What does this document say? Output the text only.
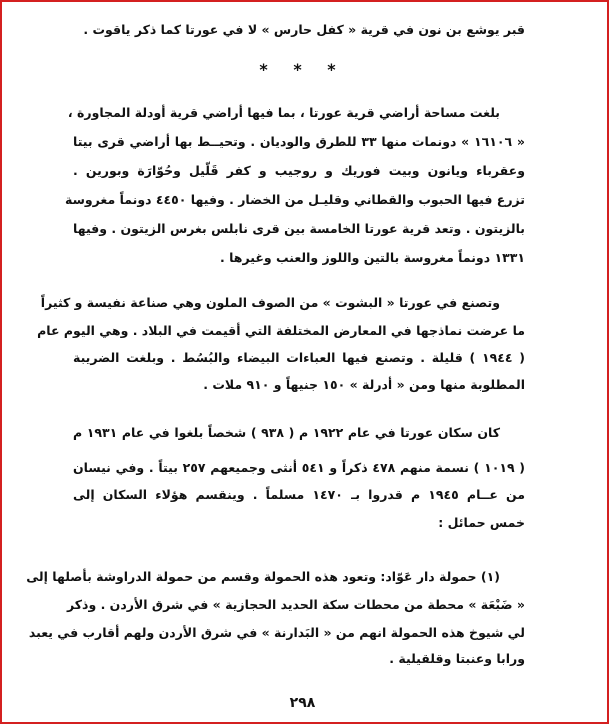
قبر يوشع بن نون في قرية « كفل حارس » لا في عورتا كما ذكر ياقوت .
* * *
بلغت مساحة أراضي قرية عورتا ، بما فيها أراضي قرية أودلة المجاورة ،
« ١٦١٠٦ » دونمات منها ٣٣ للطرق والوديان . وتحيــط بها أراضي قرى بيتا
وعقرباء ويانون وبيت فوريك و روجيب و كفر قَلّيل وحُوّارَة وبورين .
تزرع فيها الحبوب والقطاني وقليـل من الخضار . وفيها ٤٤٥٠ دونماً مغروسة
بالزيتون . وتعد قرية عورتا الخامسة بين قرى نابلس بغرس الزيتون . وفيها
١٣٣١ دونماً مغروسة بالتين واللوز والعنب وغيرها .
وتصنع في عورتا « البشوت » من الصوف الملون وهي صناعة نفيسة و كثيراً
ما عرضت نماذجها في المعارض المختلفة التي أقيمت في البلاد . وهي اليوم عام
( ١٩٤٤ ) قليلة . وتصنع فيها العباءات البيضاء والبُسُط . وبلغت الضريبة
المطلوبة منها ومن « أدرلة » ١٥٠ جنيهاً و ٩١٠ ملات .
كان سكان عورتا في عام ١٩٢٢ م ( ٩٣٨ ) شخصاً بلغوا في عام ١٩٣١ م
( ١٠١٩ ) نسمة منهم ٤٧٨ ذكراً و ٥٤١ أنثى وجميعهم ٢٥٧ بيتاً . وفي نيسان
من عــام ١٩٤٥ م قدروا بـ ١٤٧٠ مسلماً . وينقسم هؤلاء السكان إلى
خمس حمائل :
(١) حمولة دار عَوّاد: وتعود هذه الحمولة وقسم من حمولة الدراوشة بأصلها إلى
« ضَبْعَة » محطة من محطات سكة الحديد الحجازية » في شرق الأردن . وذكر
لي شيوخ هذه الحمولة انهم من « البَدارنة » في شرق الأردن ولهم أقارب في يعبد
ورابا وعنبتا وقلقيلية .
٢٩٨
